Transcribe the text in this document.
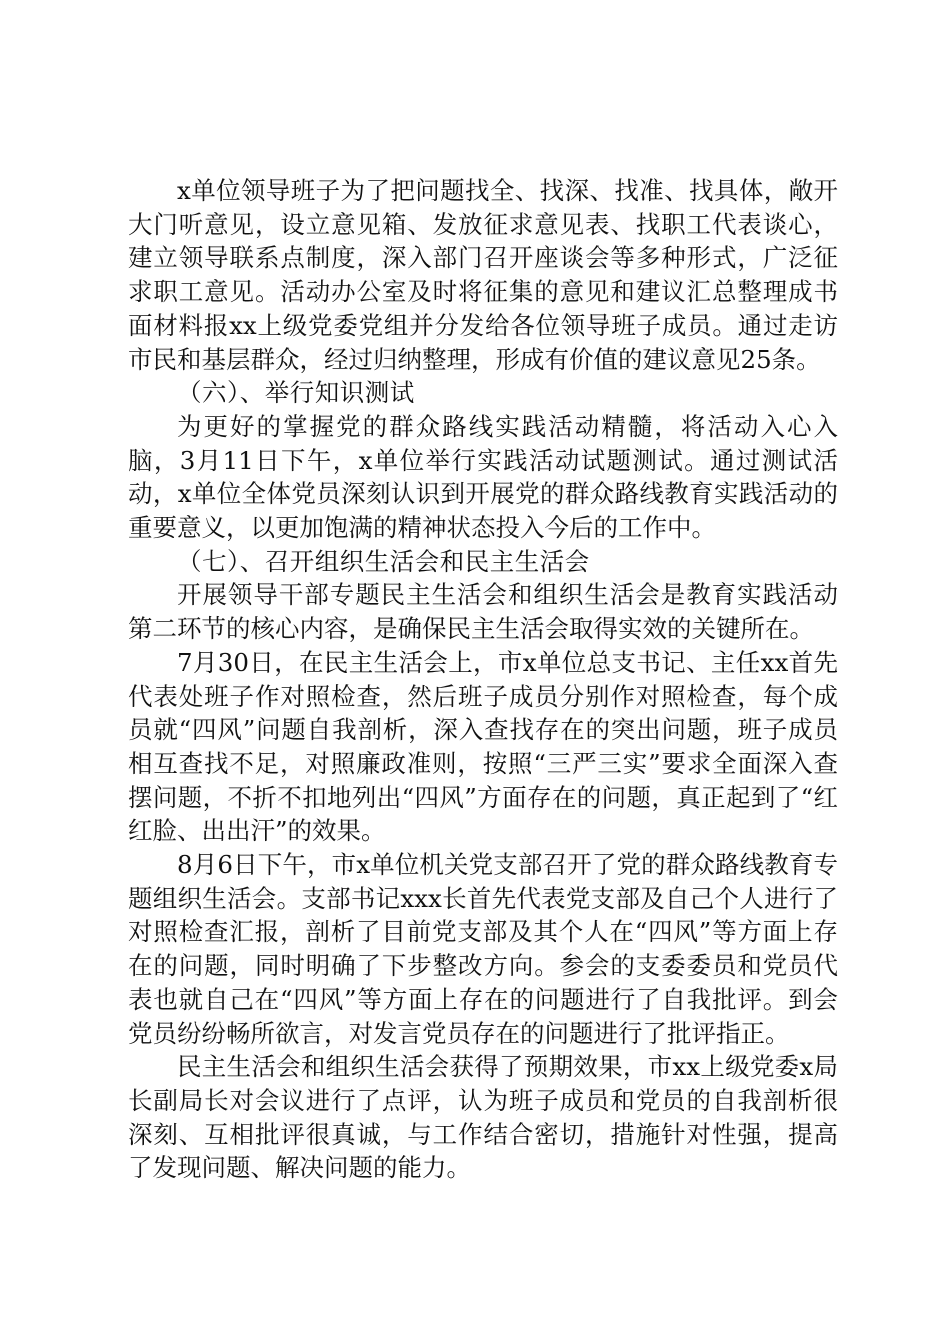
x单位领导班子为了把问题找全、找深、找准、找具体，敞开大门听意见，设立意见箱、发放征求意见表、找职工代表谈心，建立领导联系点制度，深入部门召开座谈会等多种形式，广泛征求职工意见。活动办公室及时将征集的意见和建议汇总整理成书面材料报xx上级党委党组并分发给各位领导班子成员。通过走访市民和基层群众，经过归纳整理，形成有价值的建议意见25条。

（六）、举行知识测试

为更好的掌握党的群众路线实践活动精髓，将活动入心入脑，3月11日下午，x单位举行实践活动试题测试。通过测试活动，x单位全体党员深刻认识到开展党的群众路线教育实践活动的重要意义，以更加饱满的精神状态投入今后的工作中。

（七）、召开组织生活会和民主生活会

开展领导干部专题民主生活会和组织生活会是教育实践活动第二环节的核心内容，是确保民主生活会取得实效的关键所在。

7月30日，在民主生活会上，市x单位总支书记、主任xx首先代表处班子作对照检查，然后班子成员分别作对照检查，每个成员就“四风”问题自我剖析，深入查找存在的突出问题，班子成员相互查找不足，对照廉政准则，按照“三严三实”要求全面深入查摆问题，不折不扣地列出“四风”方面存在的问题，真正起到了“红红脸、出出汗”的效果。

8月6日下午，市x单位机关党支部召开了党的群众路线教育专题组织生活会。支部书记xxx长首先代表党支部及自己个人进行了对照检查汇报，剖析了目前党支部及其个人在“四风”等方面上存在的问题，同时明确了下步整改方向。参会的支委委员和党员代表也就自己在“四风”等方面上存在的问题进行了自我批评。到会党员纷纷畅所欲言，对发言党员存在的问题进行了批评指正。

民主生活会和组织生活会获得了预期效果，市xx上级党委x局长副局长对会议进行了点评，认为班子成员和党员的自我剖析很深刻、互相批评很真诚，与工作结合密切，措施针对性强，提高了发现问题、解决问题的能力。
